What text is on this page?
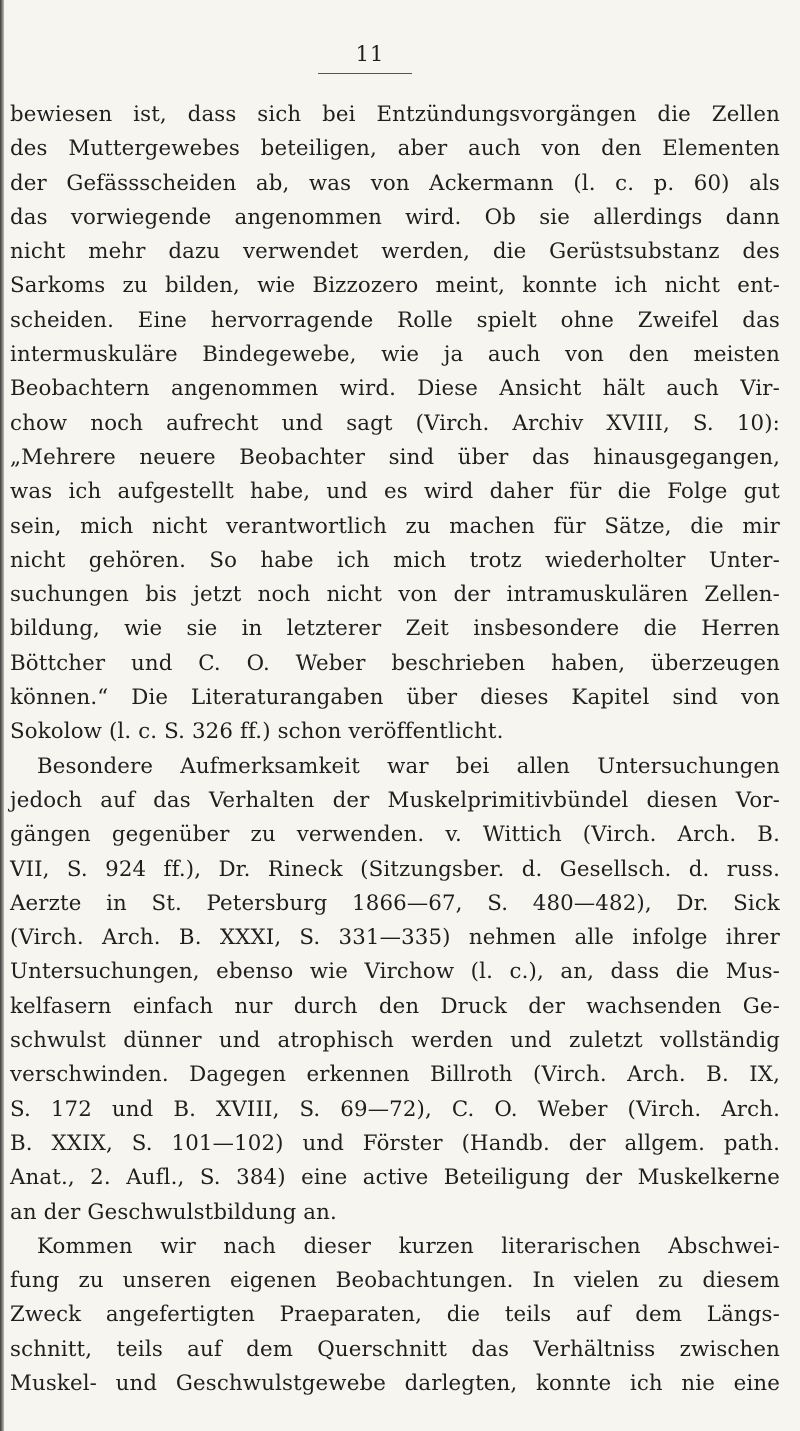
11
bewiesen ist, dass sich bei Entzündungsvorgängen die Zellen
des Muttergewebes beteiligen, aber auch von den Elementen
der Gefässscheiden ab, was von Ackermann (l. c. p. 60) als
das vorwiegende angenommen wird. Ob sie allerdings dann
nicht mehr dazu verwendet werden, die Gerüstsubstanz des
Sarkoms zu bilden, wie Bizzozero meint, konnte ich nicht ent-
scheiden. Eine hervorragende Rolle spielt ohne Zweifel das
intermuskuläre Bindegewebe, wie ja auch von den meisten
Beobachtern angenommen wird. Diese Ansicht hält auch Vir-
chow noch aufrecht und sagt (Virch. Archiv XVIII, S. 10):
„Mehrere neuere Beobachter sind über das hinausgegangen,
was ich aufgestellt habe, und es wird daher für die Folge gut
sein, mich nicht verantwortlich zu machen für Sätze, die mir
nicht gehören. So habe ich mich trotz wiederholter Unter-
suchungen bis jetzt noch nicht von der intramuskulären Zellen-
bildung, wie sie in letzterer Zeit insbesondere die Herren
Böttcher und C. O. Weber beschrieben haben, überzeugen
können.“ Die Literaturangaben über dieses Kapitel sind von
Sokolow (l. c. S. 326 ff.) schon veröffentlicht.
Besondere Aufmerksamkeit war bei allen Untersuchungen
jedoch auf das Verhalten der Muskelprimitivbündel diesen Vor-
gängen gegenüber zu verwenden. v. Wittich (Virch. Arch. B.
VII, S. 924 ff.), Dr. Rineck (Sitzungsber. d. Gesellsch. d. russ.
Aerzte in St. Petersburg 1866—67, S. 480—482), Dr. Sick
(Virch. Arch. B. XXXI, S. 331—335) nehmen alle infolge ihrer
Untersuchungen, ebenso wie Virchow (l. c.), an, dass die Mus-
kelfasern einfach nur durch den Druck der wachsenden Ge-
schwulst dünner und atrophisch werden und zuletzt vollständig
verschwinden. Dagegen erkennen Billroth (Virch. Arch. B. IX,
S. 172 und B. XVIII, S. 69—72), C. O. Weber (Virch. Arch.
B. XXIX, S. 101—102) und Förster (Handb. der allgem. path.
Anat., 2. Aufl., S. 384) eine active Beteiligung der Muskelkerne
an der Geschwulstbildung an.
Kommen wir nach dieser kurzen literarischen Abschwei-
fung zu unseren eigenen Beobachtungen. In vielen zu diesem
Zweck angefertigten Praeparaten, die teils auf dem Längs-
schnitt, teils auf dem Querschnitt das Verhältniss zwischen
Muskel- und Geschwulstgewebe darlegten, konnte ich nie eine
